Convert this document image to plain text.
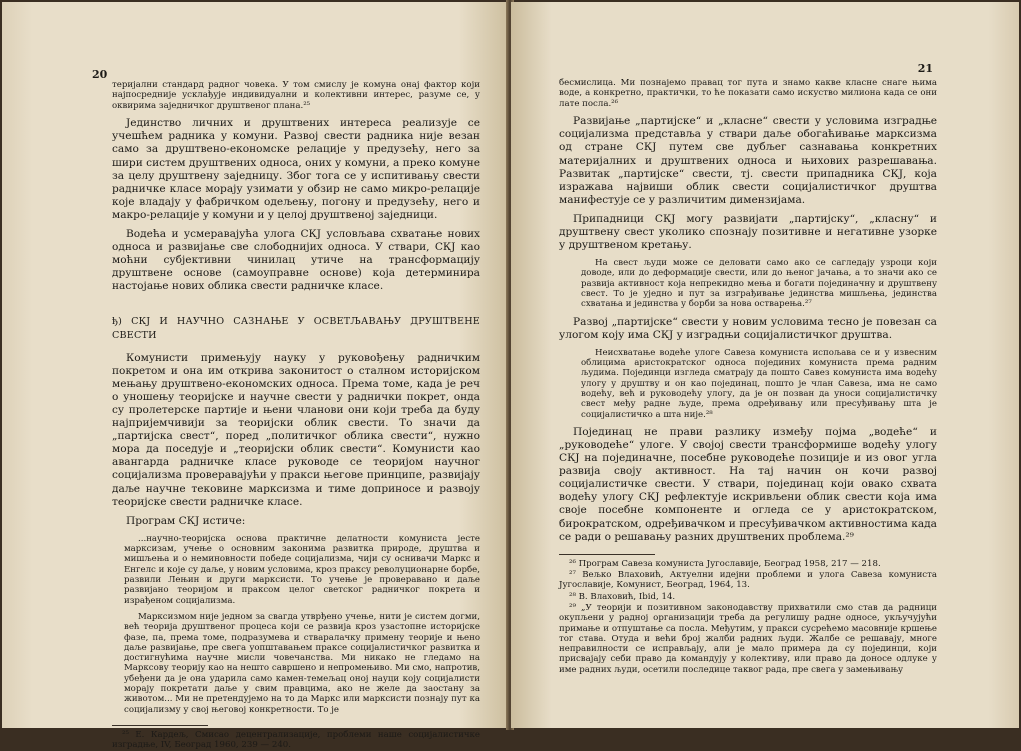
20

теријални стандард радног човека. У том смислу је комуна онај фактор који најпосредније усклађује индивидуални и колективни интерес, разуме се, у оквирима заједничког друштвеног плана.²⁵

Јединство личних и друштвених интереса реализује се учешћем радника у комуни. Развој свести радника није везан само за друштвено-економске релације у предузећу, него за шири систем друштвених односа, оних у комуни, а преко комуне за целу друштвену заједницу. Због тога се у испитивању свести радничке класе морају узимати у обзир не само микро-релације које владају у фабричком одељењу, погону и предузећу, него и макро-релације у комуни и у целој друштвеној заједници.

Водећа и усмеравајућа улога СКЈ условљава схватање нових односа и развијање све слободнијих односа. У ствари, СКЈ као моћни субјективни чинилац утиче на трансформацију друштвене основе (самоуправне основе) која детерминира настојање нових облика свести радничке класе.

ђ) СКЈ И НАУЧНО САЗНАЊЕ У ОСВЕТЉАВАЊУ ДРУШТВЕНЕ СВЕСТИ

Комунисти примењују науку у руковођењу радничким покретом и она им открива законитост о сталном историјском мењању друштвено-економских односа. Према томе, када је реч о уношењу теоријске и научне свести у раднички покрет, онда су пролетерске партије и њени чланови они који треба да буду најпријемчивији за теоријски облик свести. То значи да „партијска свест“, поред „политичког облика свести“, нужно мора да поседује и „теоријски облик свести“. Комунисти као авангарда радничке класе руководе се теоријом научног социјализма проверавајући у пракси његове принципе, развијају даље научне тековине марксизма и тиме доприносе и развоју теоријске свести радничке класе.

Програм СКЈ истиче:

...научно-теоријска основа практичне делатности комуниста јесте марксизам, учење о основним законима развитка природе, друштва и мишљења и о неминовности победе социјализма, чији су оснивачи Маркс и Енгелс и које су даље, у новим условима, кроз праксу револуционарне борбе, развили Лењин и други марксисти. То учење је проверавано и даље развијано теоријом и праксом целог светског радничког покрета и израђеном социјализма.

Марксизмом није једном за свагда утврђено учење, нити је систем догми, већ теорија друштвеног процеса који се развија кроз узастопне историјске фазе, па, према томе, подразумева и стваралачку примену теорије и њено даље развијање, пре свега уопштавањем праксе социјалистичког развитка и достигнућима научне мисли човечанства. Ми никако не гледамо на Марксову теорију као на нешто савршено и непромењиво. Ми смо, напротив, убеђени да је она ударила само камен-темељац оној науци коју социјалисти морају покретати даље у свим правцима, ако не желе да заостану за животом... Ми не претендујемо на то да Маркс или марксисти познају пут ка социјализму у свој његовој конкретности. То је

²⁵ Е. Кардељ, Смисао децентрализације, проблеми наше социјалистичке изградње, IV, Београд 1960, 239 — 240.

21

бесмислица. Ми познајемо правац тог пута и знамо какве класне снаге њима воде, а конкретно, практички, то ће показати само искуство милиона када се они лате посла.²⁶

Развијање „партијске“ и „класне“ свести у условима изградње социјализма представља у ствари даље обогаћивање марксизма од стране СКЈ путем све дубљег сазнавања конкретних материјалних и друштвених односа и њихових разрешавања. Развитак „партијске“ свести, тј. свести припадника СКЈ, која изражава највиши облик свести социјалистичког друштва манифестује се у различитим димензијама.

Припадници СКЈ могу развијати „партијску“, „класну“ и друштвену свест уколико спознају позитивне и негативне узорке у друштвеном кретању.

На свест људи може се деловати само ако се сагледају узроци који доводе, или до деформације свести, или до њеног јачања, а то значи ако се развија активност која непрекидно мења и богати појединачну и друштвену свест. То је уједно и пут за изграђивање јединства мишљења, јединства схватања и јединства у борби за нова остварења.²⁷

Развој „партијске“ свести у новим условима тесно је повезан са улогом коју има СКЈ у изградњи социјалистичког друштва.

Неисхватање водеће улоге Савеза комуниста испољава се и у извесним облицима аристократског односа појединих комуниста према радним људима. Појединци изгледа сматрају да пошто Савез комуниста има водећу улогу у друштву и он као појединац, пошто је члан Савеза, има не само водећу, већ и руководећу улогу, да је он позван да уноси социјалистичку свест међу радне људе, према одређивању или пресуђивању шта је социјалистичко а шта није.²⁸

Појединац не прави разлику између појма „водеће“ и „руководеће“ улоге. У својој свести трансформише водећу улогу СКЈ на појединачне, посебне руководеће позиције и из овог угла развија своју активност. На тај начин он кочи развој социјалистичке свести. У ствари, појединац који овако схвата водећу улогу СКЈ рефлектује искривљени облик свести која има своје посебне компоненте и огледа се у аристократском, бирократском, одређивачком и пресуђивачком активностима када се ради о решавању разних друштвених проблема.²⁹

²⁶ Програм Савеза комуниста Југославије, Београд 1958, 217 — 218.

²⁷ Вељко Влаховић, Актуелни идејни проблеми и улога Савеза комуниста Југославије, Комунист, Београд, 1964, 13.

²⁸ В. Влаховић, Ibid, 14.

²⁹ „У теорији и позитивном законодавству прихватили смо став да радници окупљени у радној организацији треба да регулишу радне односе, укључујући примање и отпуштање са посла. Међутим, у пракси сусрећемо масовније кршење тог става. Отуда и већи број жалби радних људи. Жалбе се решавају, многе неправилности се исправљају, али је мало примера да су појединци, који присвајају себи право да командују у колективу, или право да доносе одлуке у име радних људи, осетили последице таквог рада, пре свега у замењивању
